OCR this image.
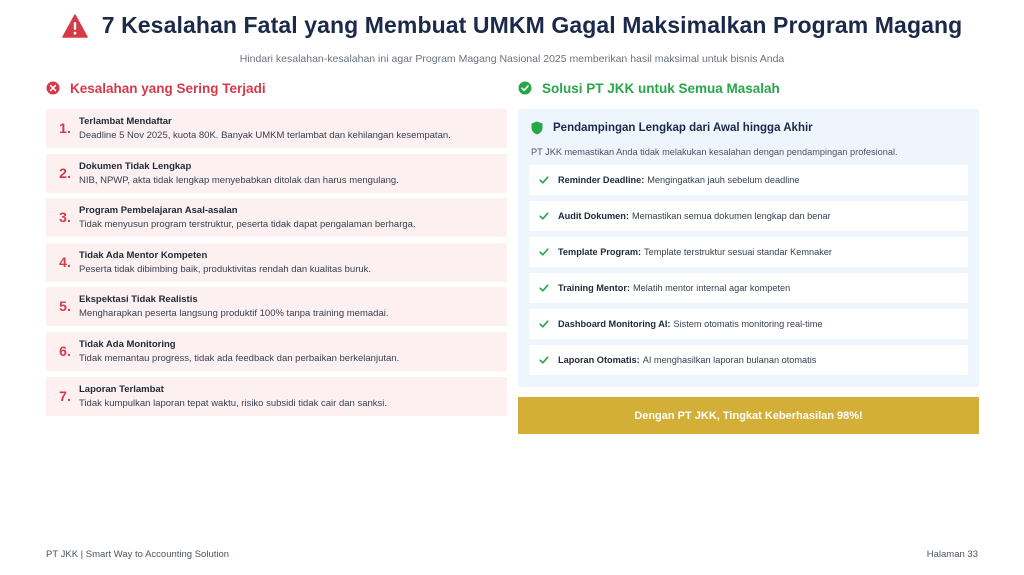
7 Kesalahan Fatal yang Membuat UMKM Gagal Maksimalkan Program Magang

Hindari kesalahan-kesalahan ini agar Program Magang Nasional 2025 memberikan hasil maksimal untuk bisnis Anda

Kesalahan yang Sering Terjadi
1. Terlambat Mendaftar
Deadline 5 Nov 2025, kuota 80K. Banyak UMKM terlambat dan kehilangan kesempatan.
2. Dokumen Tidak Lengkap
NIB, NPWP, akta tidak lengkap menyebabkan ditolak dan harus mengulang.
3. Program Pembelajaran Asal-asalan
Tidak menyusun program terstruktur, peserta tidak dapat pengalaman berharga.
4. Tidak Ada Mentor Kompeten
Peserta tidak dibimbing baik, produktivitas rendah dan kualitas buruk.
5. Ekspektasi Tidak Realistis
Mengharapkan peserta langsung produktif 100% tanpa training memadai.
6. Tidak Ada Monitoring
Tidak memantau progress, tidak ada feedback dan perbaikan berkelanjutan.
7. Laporan Terlambat
Tidak kumpulkan laporan tepat waktu, risiko subsidi tidak cair dan sanksi.
Solusi PT JKK untuk Semua Masalah
Pendampingan Lengkap dari Awal hingga Akhir

PT JKK memastikan Anda tidak melakukan kesalahan dengan pendampingan profesional.

Reminder Deadline: Mengingatkan jauh sebelum deadline
Audit Dokumen: Memastikan semua dokumen lengkap dan benar
Template Program: Template terstruktur sesuai standar Kemnaker
Training Mentor: Melatih mentor internal agar kompeten
Dashboard Monitoring AI: Sistem otomatis monitoring real-time
Laporan Otomatis: AI menghasilkan laporan bulanan otomatis
Dengan PT JKK, Tingkat Keberhasilan 98%!
PT JKK | Smart Way to Accounting Solution	Halaman 33
